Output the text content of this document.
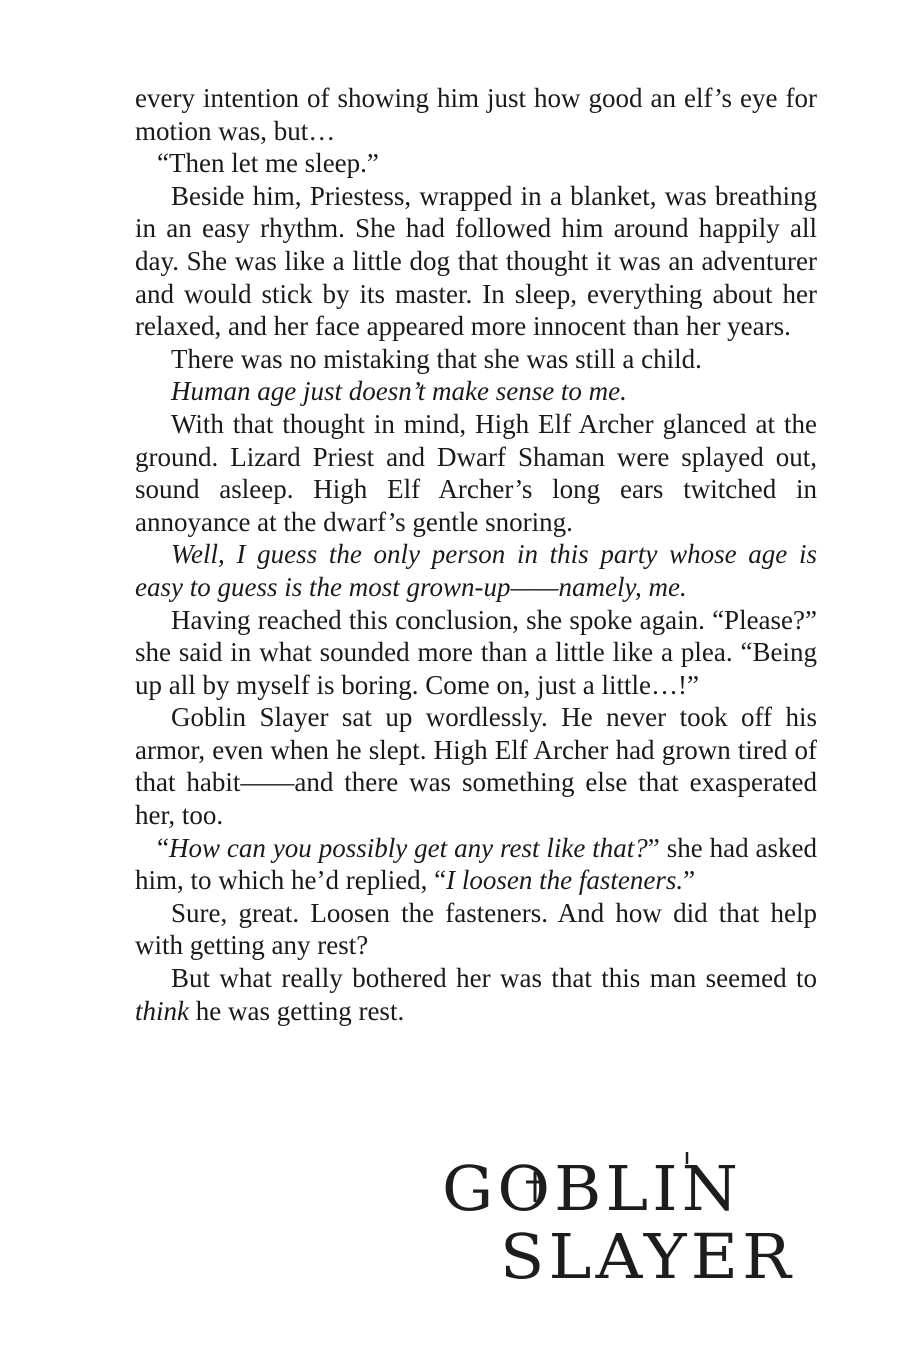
every intention of showing him just how good an elf’s eye for motion was, but…

“Then let me sleep.”

Beside him, Priestess, wrapped in a blanket, was breathing in an easy rhythm. She had followed him around happily all day. She was like a little dog that thought it was an adventurer and would stick by its master. In sleep, everything about her relaxed, and her face appeared more innocent than her years.

There was no mistaking that she was still a child.

Human age just doesn’t make sense to me.

With that thought in mind, High Elf Archer glanced at the ground. Lizard Priest and Dwarf Shaman were splayed out, sound asleep. High Elf Archer’s long ears twitched in annoyance at the dwarf’s gentle snoring.

Well, I guess the only person in this party whose age is easy to guess is the most grown-up——namely, me.

Having reached this conclusion, she spoke again. “Please?” she said in what sounded more than a little like a plea. “Being up all by myself is boring. Come on, just a little…!”

Goblin Slayer sat up wordlessly. He never took off his armor, even when he slept. High Elf Archer had grown tired of that habit——and there was something else that exasperated her, too.

“How can you possibly get any rest like that?” she had asked him, to which he’d replied, “I loosen the fasteners.”

Sure, great. Loosen the fasteners. And how did that help with getting any rest?

But what really bothered her was that this man seemed to think he was getting rest.

GOBLIN
SLAYER
